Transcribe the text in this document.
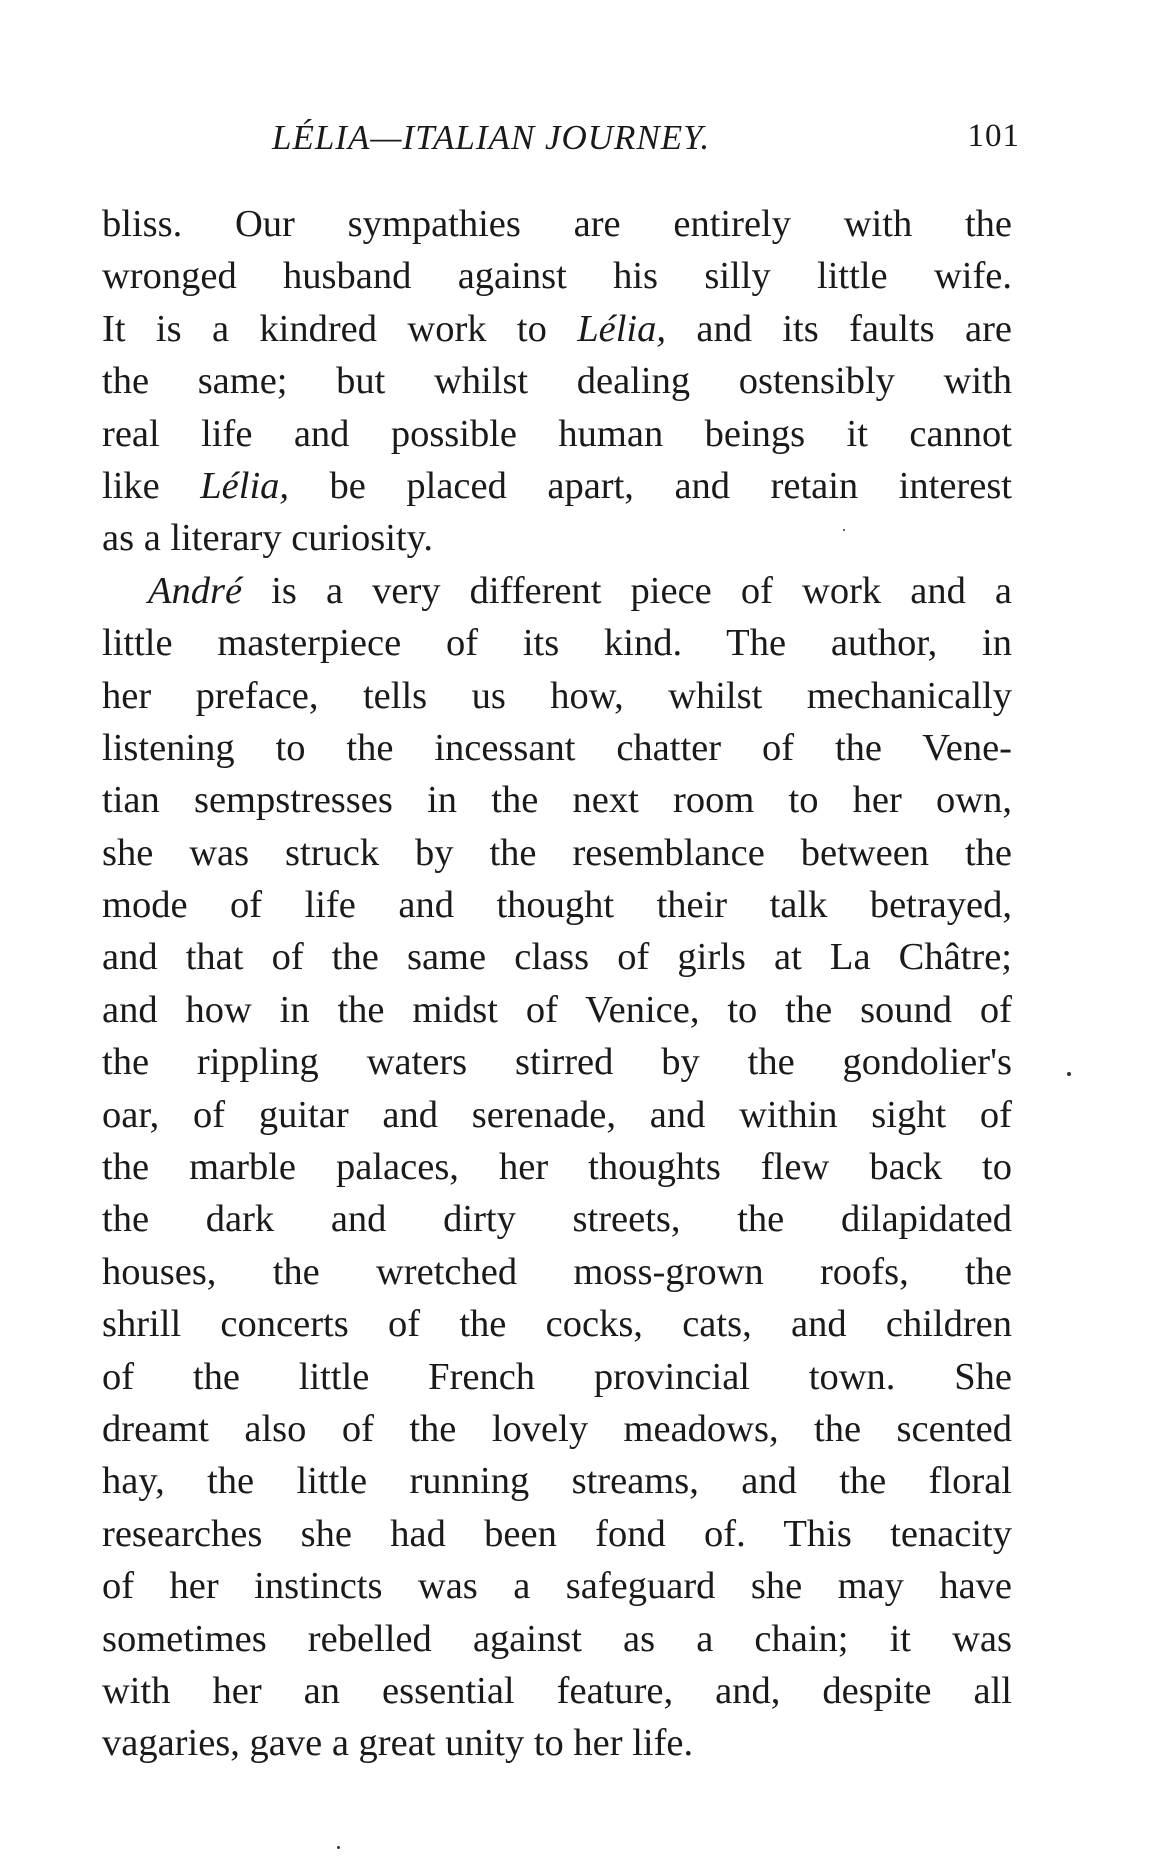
LÉLIA—ITALIAN JOURNEY.	101
bliss. Our sympathies are entirely with the
wronged husband against his silly little wife.
It is a kindred work to Lélia, and its faults are
the same; but whilst dealing ostensibly with
real life and possible human beings it cannot
like Lélia, be placed apart, and retain interest
as a literary curiosity.
André is a very different piece of work and a
little masterpiece of its kind. The author, in
her preface, tells us how, whilst mechanically
listening to the incessant chatter of the Vene-
tian sempstresses in the next room to her own,
she was struck by the resemblance between the
mode of life and thought their talk betrayed,
and that of the same class of girls at La Châtre;
and how in the midst of Venice, to the sound of
the rippling waters stirred by the gondolier's
oar, of guitar and serenade, and within sight of
the marble palaces, her thoughts flew back to
the dark and dirty streets, the dilapidated
houses, the wretched moss-grown roofs, the
shrill concerts of the cocks, cats, and children
of the little French provincial town. She
dreamt also of the lovely meadows, the scented
hay, the little running streams, and the floral
researches she had been fond of. This tenacity
of her instincts was a safeguard she may have
sometimes rebelled against as a chain; it was
with her an essential feature, and, despite all
vagaries, gave a great unity to her life.
